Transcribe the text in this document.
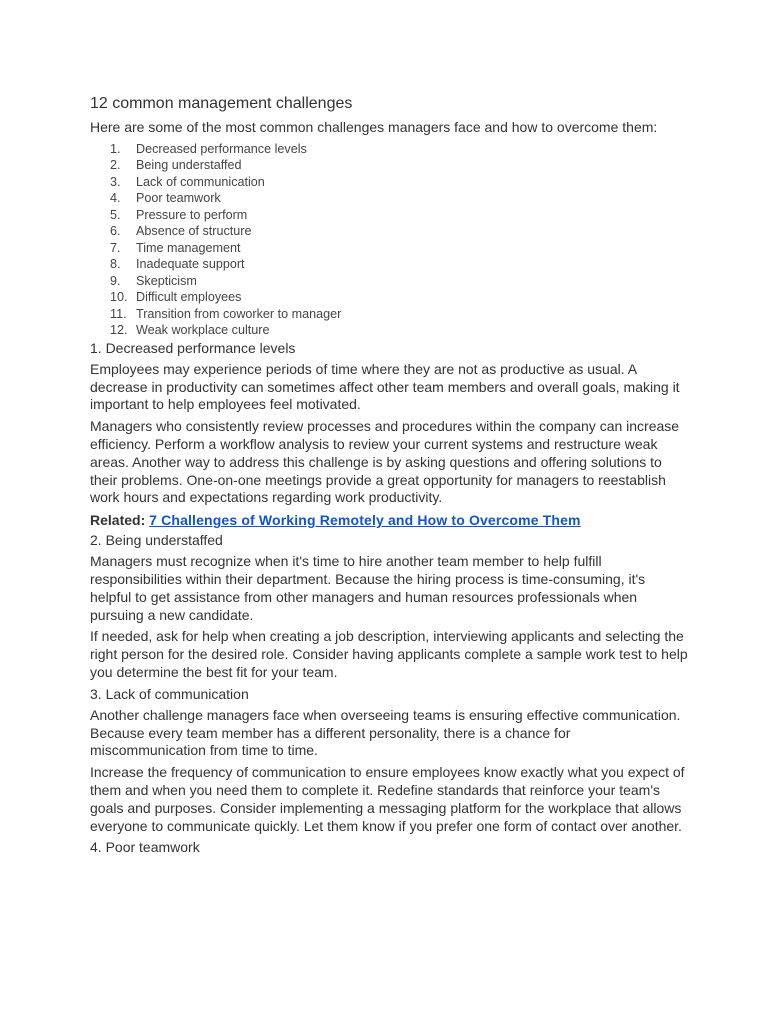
12 common management challenges

Here are some of the most common challenges managers face and how to overcome them:

1.	Decreased performance levels
2.	Being understaffed
3.	Lack of communication
4.	Poor teamwork
5.	Pressure to perform
6.	Absence of structure
7.	Time management
8.	Inadequate support
9.	Skepticism
10. Difficult employees
11. Transition from coworker to manager
12. Weak workplace culture
1. Decreased performance levels

Employees may experience periods of time where they are not as productive as usual. A decrease in productivity can sometimes affect other team members and overall goals, making it important to help employees feel motivated.

Managers who consistently review processes and procedures within the company can increase efficiency. Perform a workflow analysis to review your current systems and restructure weak areas. Another way to address this challenge is by asking questions and offering solutions to their problems. One-on-one meetings provide a great opportunity for managers to reestablish work hours and expectations regarding work productivity.

Related: 7 Challenges of Working Remotely and How to Overcome Them
2. Being understaffed

Managers must recognize when it's time to hire another team member to help fulfill responsibilities within their department. Because the hiring process is time-consuming, it's helpful to get assistance from other managers and human resources professionals when pursuing a new candidate.

If needed, ask for help when creating a job description, interviewing applicants and selecting the right person for the desired role. Consider having applicants complete a sample work test to help you determine the best fit for your team.

3. Lack of communication

Another challenge managers face when overseeing teams is ensuring effective communication. Because every team member has a different personality, there is a chance for miscommunication from time to time.

Increase the frequency of communication to ensure employees know exactly what you expect of them and when you need them to complete it. Redefine standards that reinforce your team's goals and purposes. Consider implementing a messaging platform for the workplace that allows everyone to communicate quickly. Let them know if you prefer one form of contact over another.

4. Poor teamwork
